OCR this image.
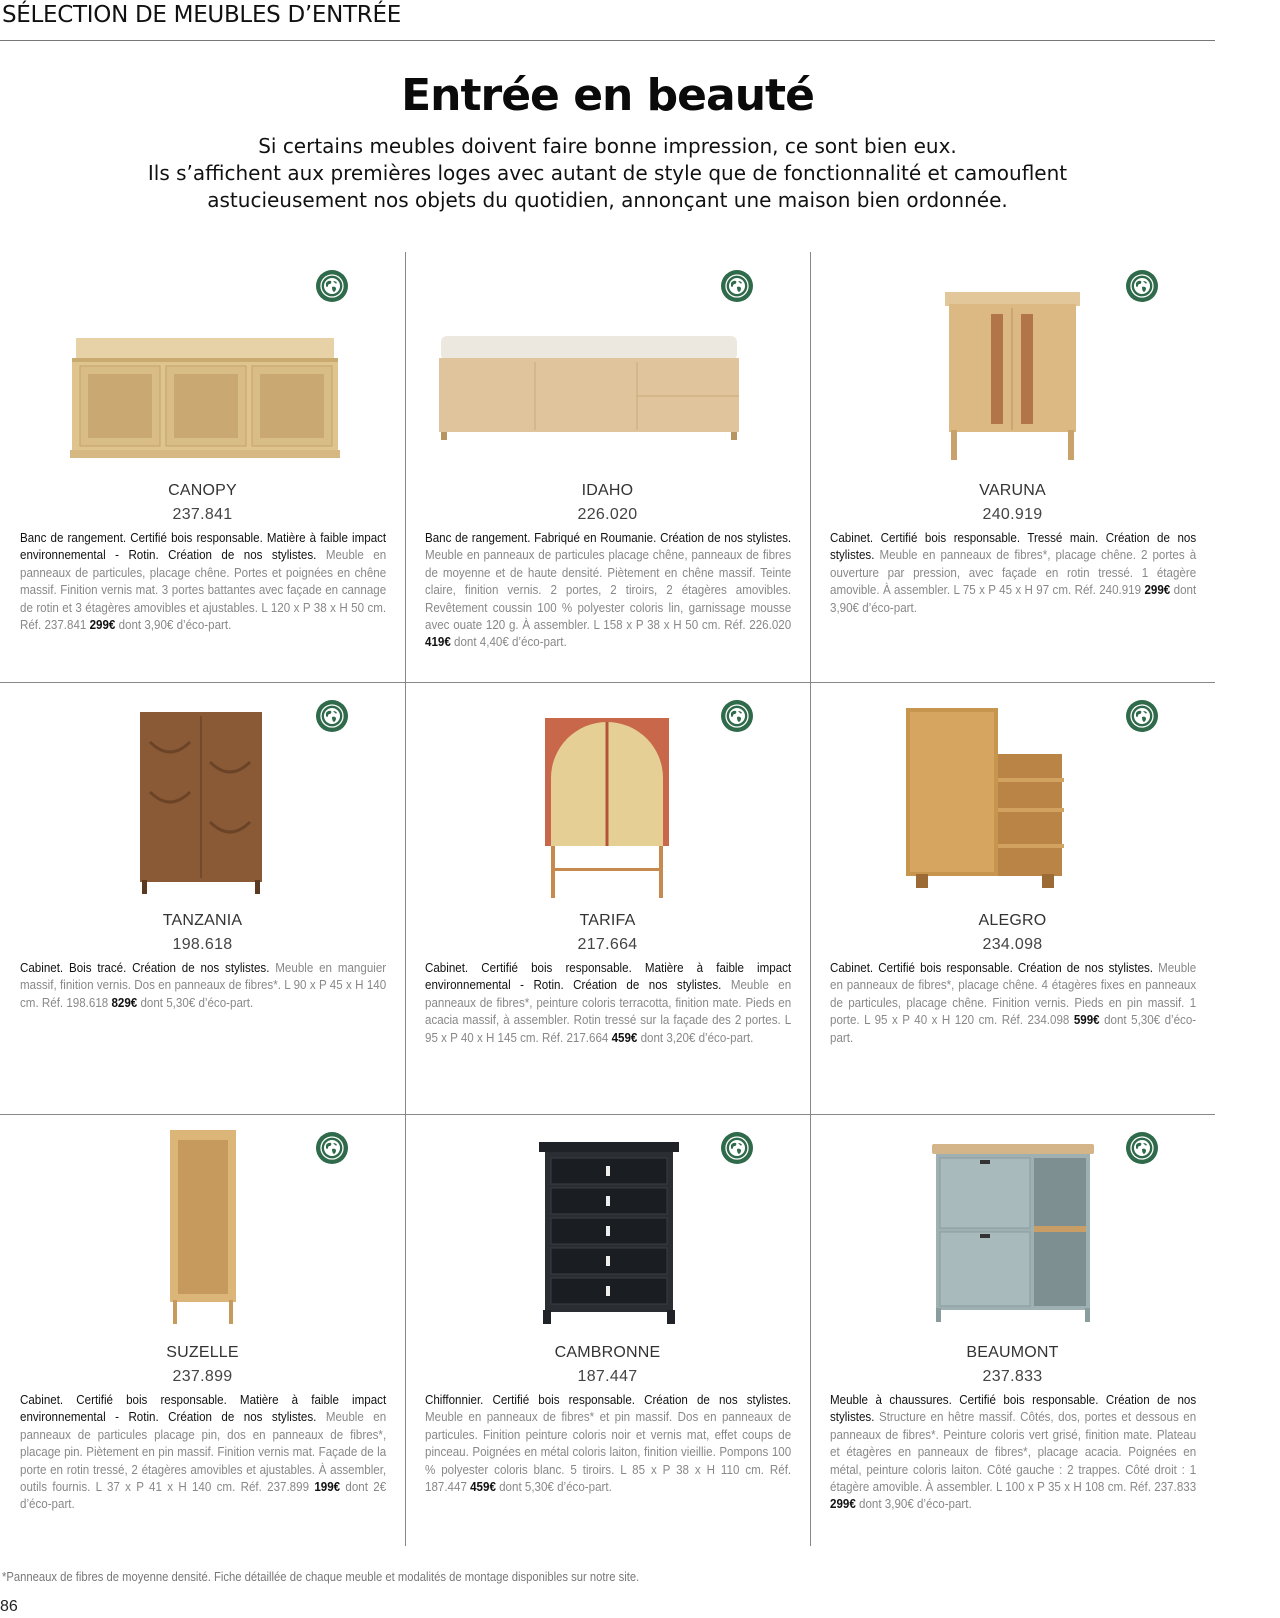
SÉLECTION DE MEUBLES D’ENTRÉE
Entrée en beauté
Si certains meubles doivent faire bonne impression, ce sont bien eux.
Ils s’affichent aux premières loges avec autant de style que de fonctionnalité et camouflent
astucieusement nos objets du quotidien, annonçant une maison bien ordonnée.
CANOPY
237.841
Banc de rangement. Certifié bois responsable. Matière à faible impact environnemental - Rotin. Création de nos stylistes. Meuble en panneaux de particules, placage chêne. Portes et poignées en chêne massif. Finition vernis mat. 3 portes battantes avec façade en cannage de rotin et 3 étagères amovibles et ajustables. L 120 x P 38 x H 50 cm. Réf. 237.841 299€ dont 3,90€ d’éco-part.
IDAHO
226.020
Banc de rangement. Fabriqué en Roumanie. Création de nos stylistes. Meuble en panneaux de particules placage chêne, panneaux de fibres de moyenne et de haute densité. Piètement en chêne massif. Teinte claire, finition vernis. 2 portes, 2 tiroirs, 2 étagères amovibles. Revêtement coussin 100 % polyester coloris lin, garnissage mousse avec ouate 120 g. À assembler. L 158 x P 38 x H 50 cm. Réf. 226.020 419€ dont 4,40€ d’éco-part.
VARUNA
240.919
Cabinet. Certifié bois responsable. Tressé main. Création de nos stylistes. Meuble en panneaux de fibres*, placage chêne. 2 portes à ouverture par pression, avec façade en rotin tressé. 1 étagère amovible. À assembler. L 75 x P 45 x H 97 cm. Réf. 240.919 299€ dont 3,90€ d’éco-part.
TANZANIA
198.618
Cabinet. Bois tracé. Création de nos stylistes. Meuble en manguier massif, finition vernis. Dos en panneaux de fibres*. L 90 x P 45 x H 140 cm. Réf. 198.618 829€ dont 5,30€ d’éco-part.
TARIFA
217.664
Cabinet. Certifié bois responsable. Matière à faible impact environnemental - Rotin. Création de nos stylistes. Meuble en panneaux de fibres*, peinture coloris terracotta, finition mate. Pieds en acacia massif, à assembler. Rotin tressé sur la façade des 2 portes. L 95 x P 40 x H 145 cm. Réf. 217.664 459€ dont 3,20€ d’éco-part.
ALEGRO
234.098
Cabinet. Certifié bois responsable. Création de nos stylistes. Meuble en panneaux de fibres*, placage chêne. 4 étagères fixes en panneaux de particules, placage chêne. Finition vernis. Pieds en pin massif. 1 porte. L 95 x P 40 x H 120 cm. Réf. 234.098 599€ dont 5,30€ d’éco-part.
SUZELLE
237.899
Cabinet. Certifié bois responsable. Matière à faible impact environnemental - Rotin. Création de nos stylistes. Meuble en panneaux de particules placage pin, dos en panneaux de fibres*, placage pin. Piètement en pin massif. Finition vernis mat. Façade de la porte en rotin tressé, 2 étagères amovibles et ajustables. À assembler, outils fournis. L 37 x P 41 x H 140 cm. Réf. 237.899 199€ dont 2€ d’éco-part.
CAMBRONNE
187.447
Chiffonnier. Certifié bois responsable. Création de nos stylistes. Meuble en panneaux de fibres* et pin massif. Dos en panneaux de particules. Finition peinture coloris noir et vernis mat, effet coups de pinceau. Poignées en métal coloris laiton, finition vieillie. Pompons 100 % polyester coloris blanc. 5 tiroirs. L 85 x P 38 x H 110 cm. Réf. 187.447 459€ dont 5,30€ d’éco-part.
BEAUMONT
237.833
Meuble à chaussures. Certifié bois responsable. Création de nos stylistes. Structure en hêtre massif. Côtés, dos, portes et dessous en panneaux de fibres*. Peinture coloris vert grisé, finition mate. Plateau et étagères en panneaux de fibres*, placage acacia. Poignées en métal, peinture coloris laiton. Côté gauche : 2 trappes. Côté droit : 1 étagère amovible. À assembler. L 100 x P 35 x H 108 cm. Réf. 237.833 299€ dont 3,90€ d’éco-part.
*Panneaux de fibres de moyenne densité. Fiche détaillée de chaque meuble et modalités de montage disponibles sur notre site.
86
